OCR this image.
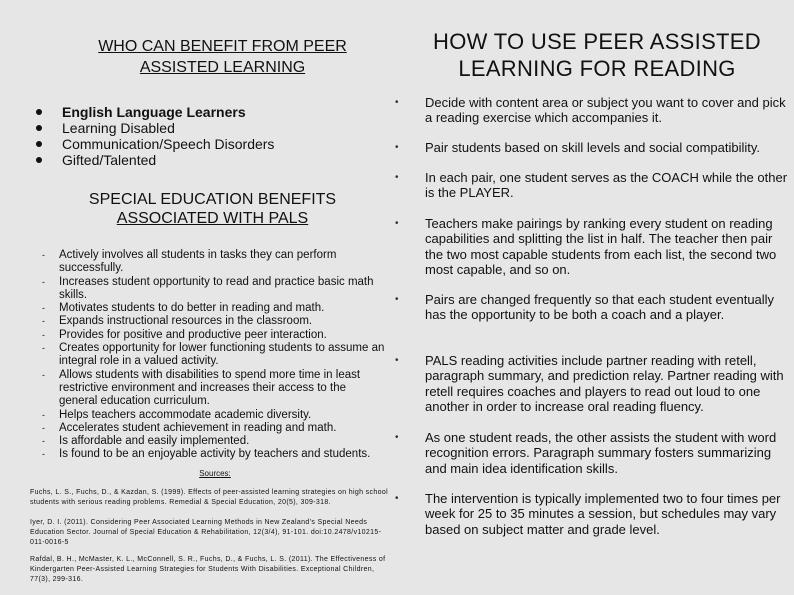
WHO CAN BENEFIT FROM PEER
ASSISTED LEARNING
English Language Learners
Learning Disabled
Communication/Speech Disorders
Gifted/Talented
SPECIAL EDUCATION BENEFITS
ASSOCIATED WITH PALS
- Actively involves all students in tasks they can perform successfully.
- Increases student opportunity to read and practice basic math skills.
- Motivates students to do better in reading and math.
- Expands instructional resources in the classroom.
- Provides for positive and productive peer interaction.
- Creates opportunity for lower functioning students to assume an integral role in a valued activity.
- Allows students with disabilities to spend more time in least restrictive environment and increases their access to the general education curriculum.
- Helps teachers accommodate academic diversity.
- Accelerates student achievement in reading and math.
- Is affordable and easily implemented.
- Is found to be an enjoyable activity by teachers and students.

Sources:

Fuchs, L. S., Fuchs, D., & Kazdan, S. (1999). Effects of peer-assisted learning strategies on high school students with serious reading problems. Remedial & Special Education, 20(5), 309-318.

Iyer, D. I. (2011). Considering Peer Associated Learning Methods in New Zealand's Special Needs Education Sector. Journal of Special Education & Rehabilitation, 12(3/4), 91-101. doi:10.2478/v10215-011-0016-5

Rafdal, B. H., McMaster, K. L., McConnell, S. R., Fuchs, D., & Fuchs, L. S. (2011). The Effectiveness of Kindergarten Peer-Assisted Learning Strategies for Students With Disabilities. Exceptional Children, 77(3), 299-316.

HOW TO USE PEER ASSISTED
LEARNING FOR READING
• Decide with content area or subject you want to cover and pick a reading exercise which accompanies it.
• Pair students based on skill levels and social compatibility.
• In each pair, one student serves as the COACH while the other is the PLAYER.
• Teachers make pairings by ranking every student on reading capabilities and splitting the list in half. The teacher then pair the two most capable students from each list, the second two most capable, and so on.
• Pairs are changed frequently so that each student eventually has the opportunity to be both a coach and a player.
• PALS reading activities include partner reading with retell, paragraph summary, and prediction relay. Partner reading with retell requires coaches and players to read out loud to one another in order to increase oral reading fluency.
• As one student reads, the other assists the student with word recognition errors. Paragraph summary fosters summarizing and main idea identification skills.
• The intervention is typically implemented two to four times per week for 25 to 35 minutes a session, but schedules may vary based on subject matter and grade level.
